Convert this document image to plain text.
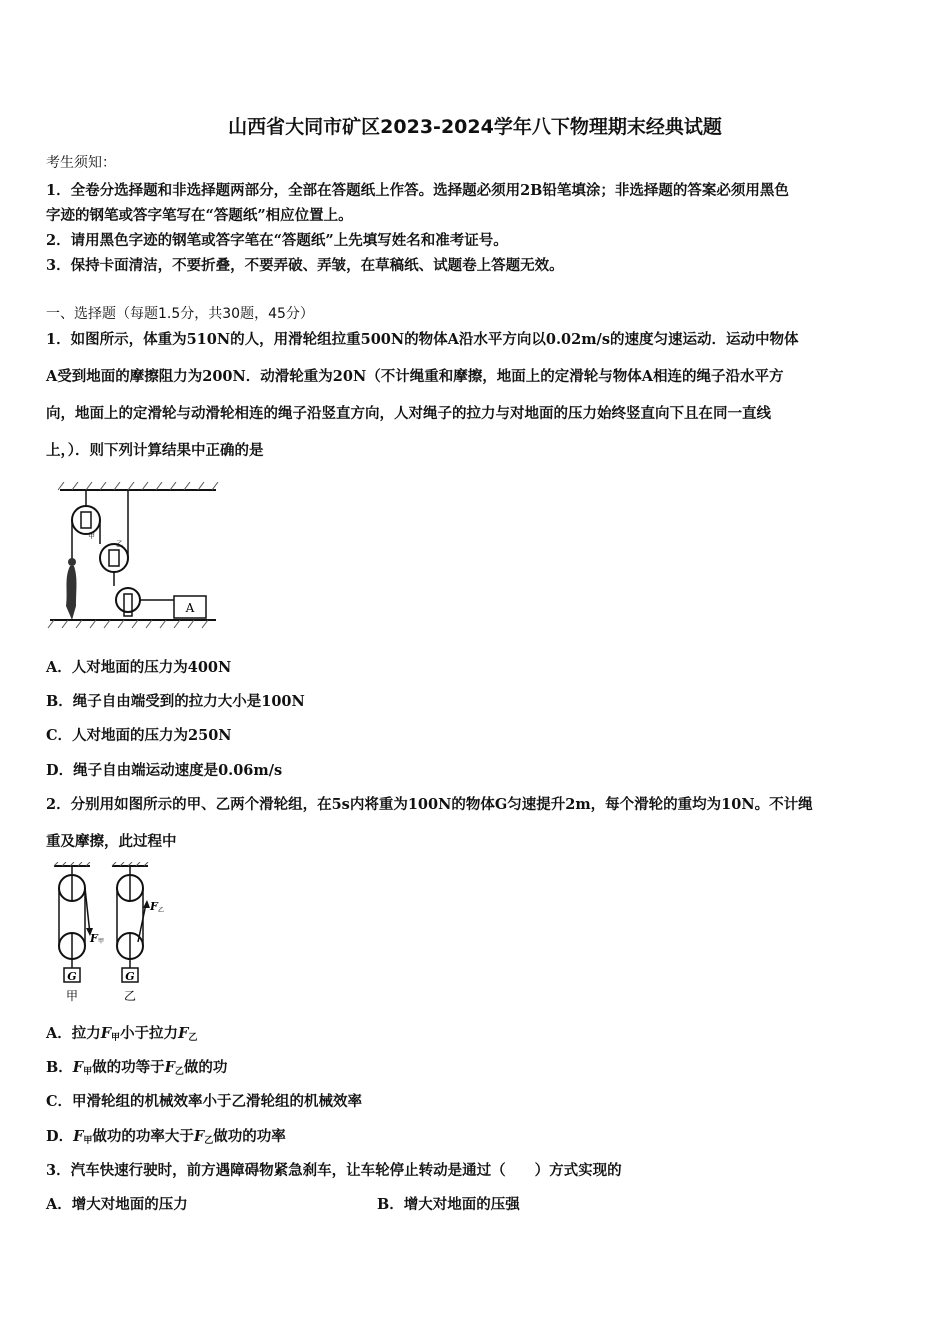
山西省大同市矿区2023-2024学年八下物理期末经典试题
考生须知：
1．全卷分选择题和非选择题两部分，全部在答题纸上作答。选择题必须用2B铅笔填涂；非选择题的答案必须用黑色
字迹的钢笔或答字笔写在“答题纸”相应位置上。
2．请用黑色字迹的钢笔或答字笔在“答题纸”上先填写姓名和准考证号。
3．保持卡面清洁，不要折叠，不要弄破、弄皱，在草稿纸、试题卷上答题无效。
一、选择题（每题1.5分，共30题，45分）
1．如图所示，体重为510N的人，用滑轮组拉重500N的物体A沿水平方向以0.02m/s的速度匀速运动．运动中物体
A受到地面的摩擦阻力为200N．动滑轮重为20N（不计绳重和摩擦，地面上的定滑轮与物体A相连的绳子沿水平方
向，地面上的定滑轮与动滑轮相连的绳子沿竖直方向，人对绳子的拉力与对地面的压力始终竖直向下且在同一直线
上，）．则下列计算结果中正确的是
A
甲
乙
A．人对地面的压力为400N
B．绳子自由端受到的拉力大小是100N
C．人对地面的压力为250N
D．绳子自由端运动速度是0.06m/s
2．分别用如图所示的甲、乙两个滑轮组，在5s内将重为100N的物体G匀速提升2m，每个滑轮的重均为10N。不计绳
重及摩擦，此过程中
G
F 甲
甲
G
F 乙
乙
A．拉力$F_甲$小于拉力$F_乙$
B．$F_甲$做的功等于$F_乙$做的功
C．甲滑轮组的机械效率小于乙滑轮组的机械效率
D．$F_甲$做功的功率大于$F_乙$做功的功率
3．汽车快速行驶时，前方遇障碍物紧急刹车，让车轮停止转动是通过（　　）方式实现的
A．增大对地面的压力	B．增大对地面的压强
